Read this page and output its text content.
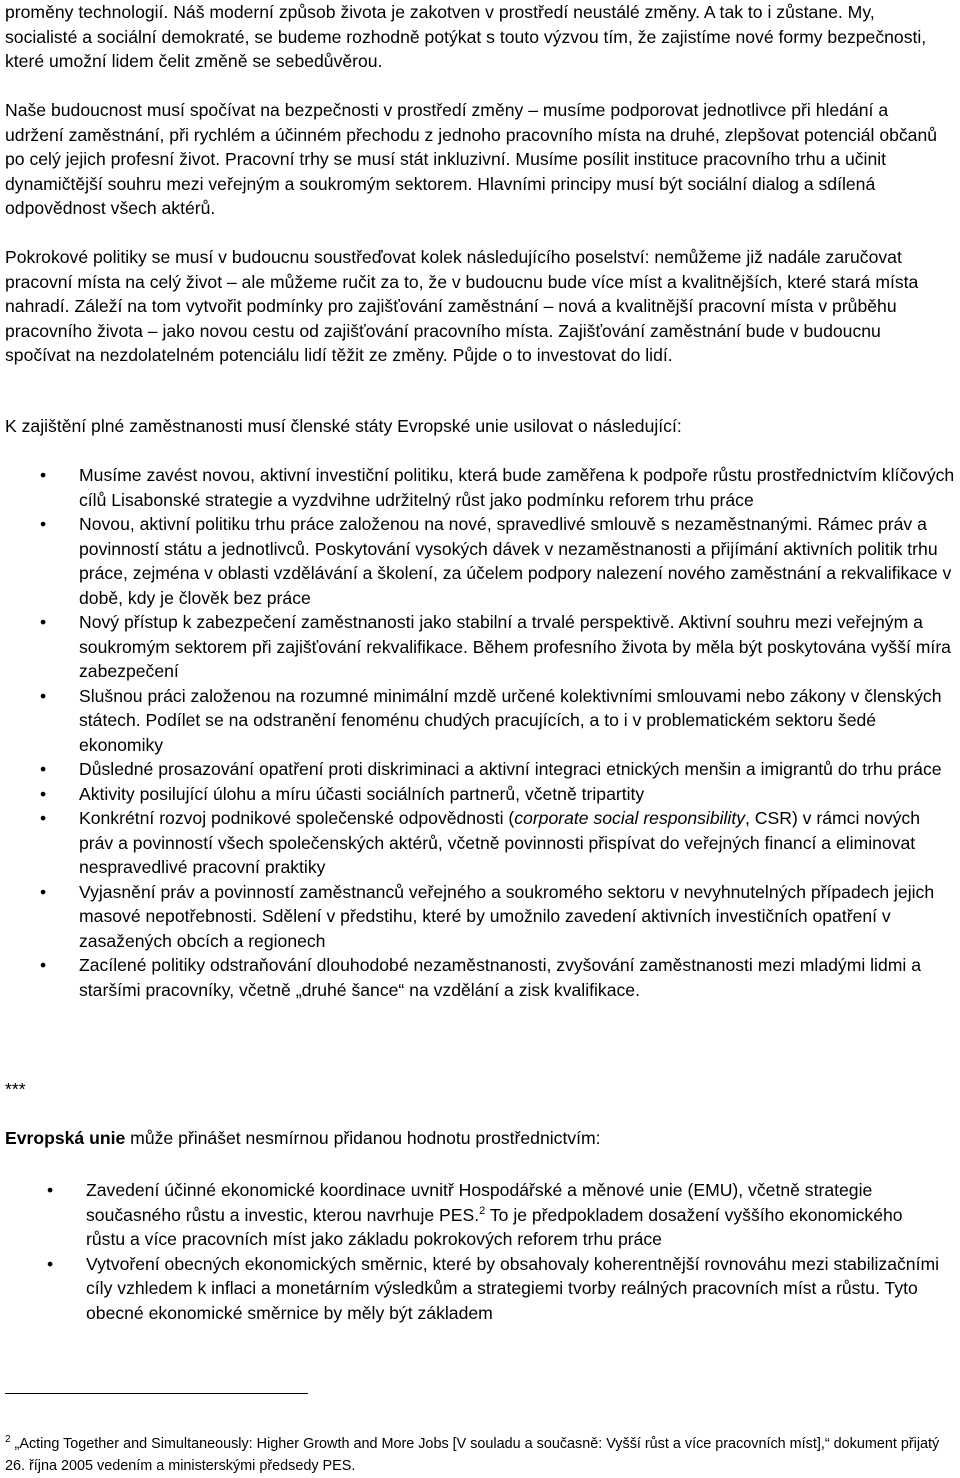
proměny technologií. Náš moderní způsob života je zakotven v prostředí neustálé změny. A tak to i zůstane. My, socialisté a sociální demokraté, se budeme rozhodně potýkat s touto výzvou tím, že zajistíme nové formy bezpečnosti, které umožní lidem čelit změně se sebedůvěrou.

Naše budoucnost musí spočívat na bezpečnosti v prostředí změny – musíme podporovat jednotlivce při hledání a udržení zaměstnání, při rychlém a účinném přechodu z jednoho pracovního místa na druhé, zlepšovat potenciál občanů po celý jejich profesní život. Pracovní trhy se musí stát inkluzivní. Musíme posílit instituce pracovního trhu a učinit dynamičtější souhru mezi veřejným a soukromým sektorem. Hlavními principy musí být sociální dialog a sdílená odpovědnost všech aktérů.

Pokrokové politiky se musí v budoucnu soustřeďovat kolek následujícího poselství: nemůžeme již nadále zaručovat pracovní místa na celý život – ale můžeme ručit za to, že v budoucnu bude více míst a kvalitnějších, které stará místa nahradí. Záleží na tom vytvořit podmínky pro zajišťování zaměstnání – nová a kvalitnější pracovní místa v průběhu pracovního života – jako novou cestu od zajišťování pracovního místa. Zajišťování zaměstnání bude v budoucnu spočívat na nezdolatelném potenciálu lidí těžit ze změny. Půjde o to investovat do lidí.

K zajištění plné zaměstnanosti musí členské státy Evropské unie usilovat o následující:

• Musíme zavést novou, aktivní investiční politiku, která bude zaměřena k podpoře růstu prostřednictvím klíčových cílů Lisabonské strategie a vyzdvihne udržitelný růst jako podmínku reforem trhu práce
• Novou, aktivní politiku trhu práce založenou na nové, spravedlivé smlouvě s nezaměstnanými. Rámec práv a povinností státu a jednotlivců. Poskytování vysokých dávek v nezaměstnanosti a přijímání aktivních politik trhu práce, zejména v oblasti vzdělávání a školení, za účelem podpory nalezení nového zaměstnání a rekvalifikace v době, kdy je člověk bez práce
• Nový přístup k zabezpečení zaměstnanosti jako stabilní a trvalé perspektivě. Aktivní souhru mezi veřejným a soukromým sektorem při zajišťování rekvalifikace. Během profesního života by měla být poskytována vyšší míra zabezpečení
• Slušnou práci založenou na rozumné minimální mzdě určené kolektivními smlouvami nebo zákony v členských státech. Podílet se na odstranění fenoménu chudých pracujících, a to i v problematickém sektoru šedé ekonomiky
• Důsledné prosazování opatření proti diskriminaci a aktivní integraci etnických menšin a imigrantů do trhu práce
• Aktivity posilující úlohu a míru účasti sociálních partnerů, včetně tripartity
• Konkrétní rozvoj podnikové společenské odpovědnosti (corporate social responsibility, CSR) v rámci nových práv a povinností všech společenských aktérů, včetně povinnosti přispívat do veřejných financí a eliminovat nespravedlivé pracovní praktiky
• Vyjasnění práv a povinností zaměstnanců veřejného a soukromého sektoru v nevyhnutelných případech jejich masové nepotřebnosti. Sdělení v předstihu, které by umožnilo zavedení aktivních investičních opatření v zasažených obcích a regionech
• Zacílené politiky odstraňování dlouhodobé nezaměstnanosti, zvyšování zaměstnanosti mezi mladými lidmi a staršími pracovníky, včetně „druhé šance“ na vzdělání a zisk kvalifikace.
***

Evropská unie může přinášet nesmírnou přidanou hodnotu prostřednictvím:

• Zavedení účinné ekonomické koordinace uvnitř Hospodářské a měnové unie (EMU), včetně strategie současného růstu a investic, kterou navrhuje PES.$^2$ To je předpokladem dosažení vyššího ekonomického růstu a více pracovních míst jako základu pokrokových reforem trhu práce
• Vytvoření obecných ekonomických směrnic, které by obsahovaly koherentnější rovnováhu mezi stabilizačními cíly vzhledem k inflaci a monetárním výsledkům a strategiemi tvorby reálných pracovních míst a růstu. Tyto obecné ekonomické směrnice by měly být základem

$^2$ „Acting Together and Simultaneously: Higher Growth and More Jobs [V souladu a současně: Vyšší růst a více pracovních míst],“ dokument přijatý 26. října 2005 vedením a ministerskými předsedy PES.
